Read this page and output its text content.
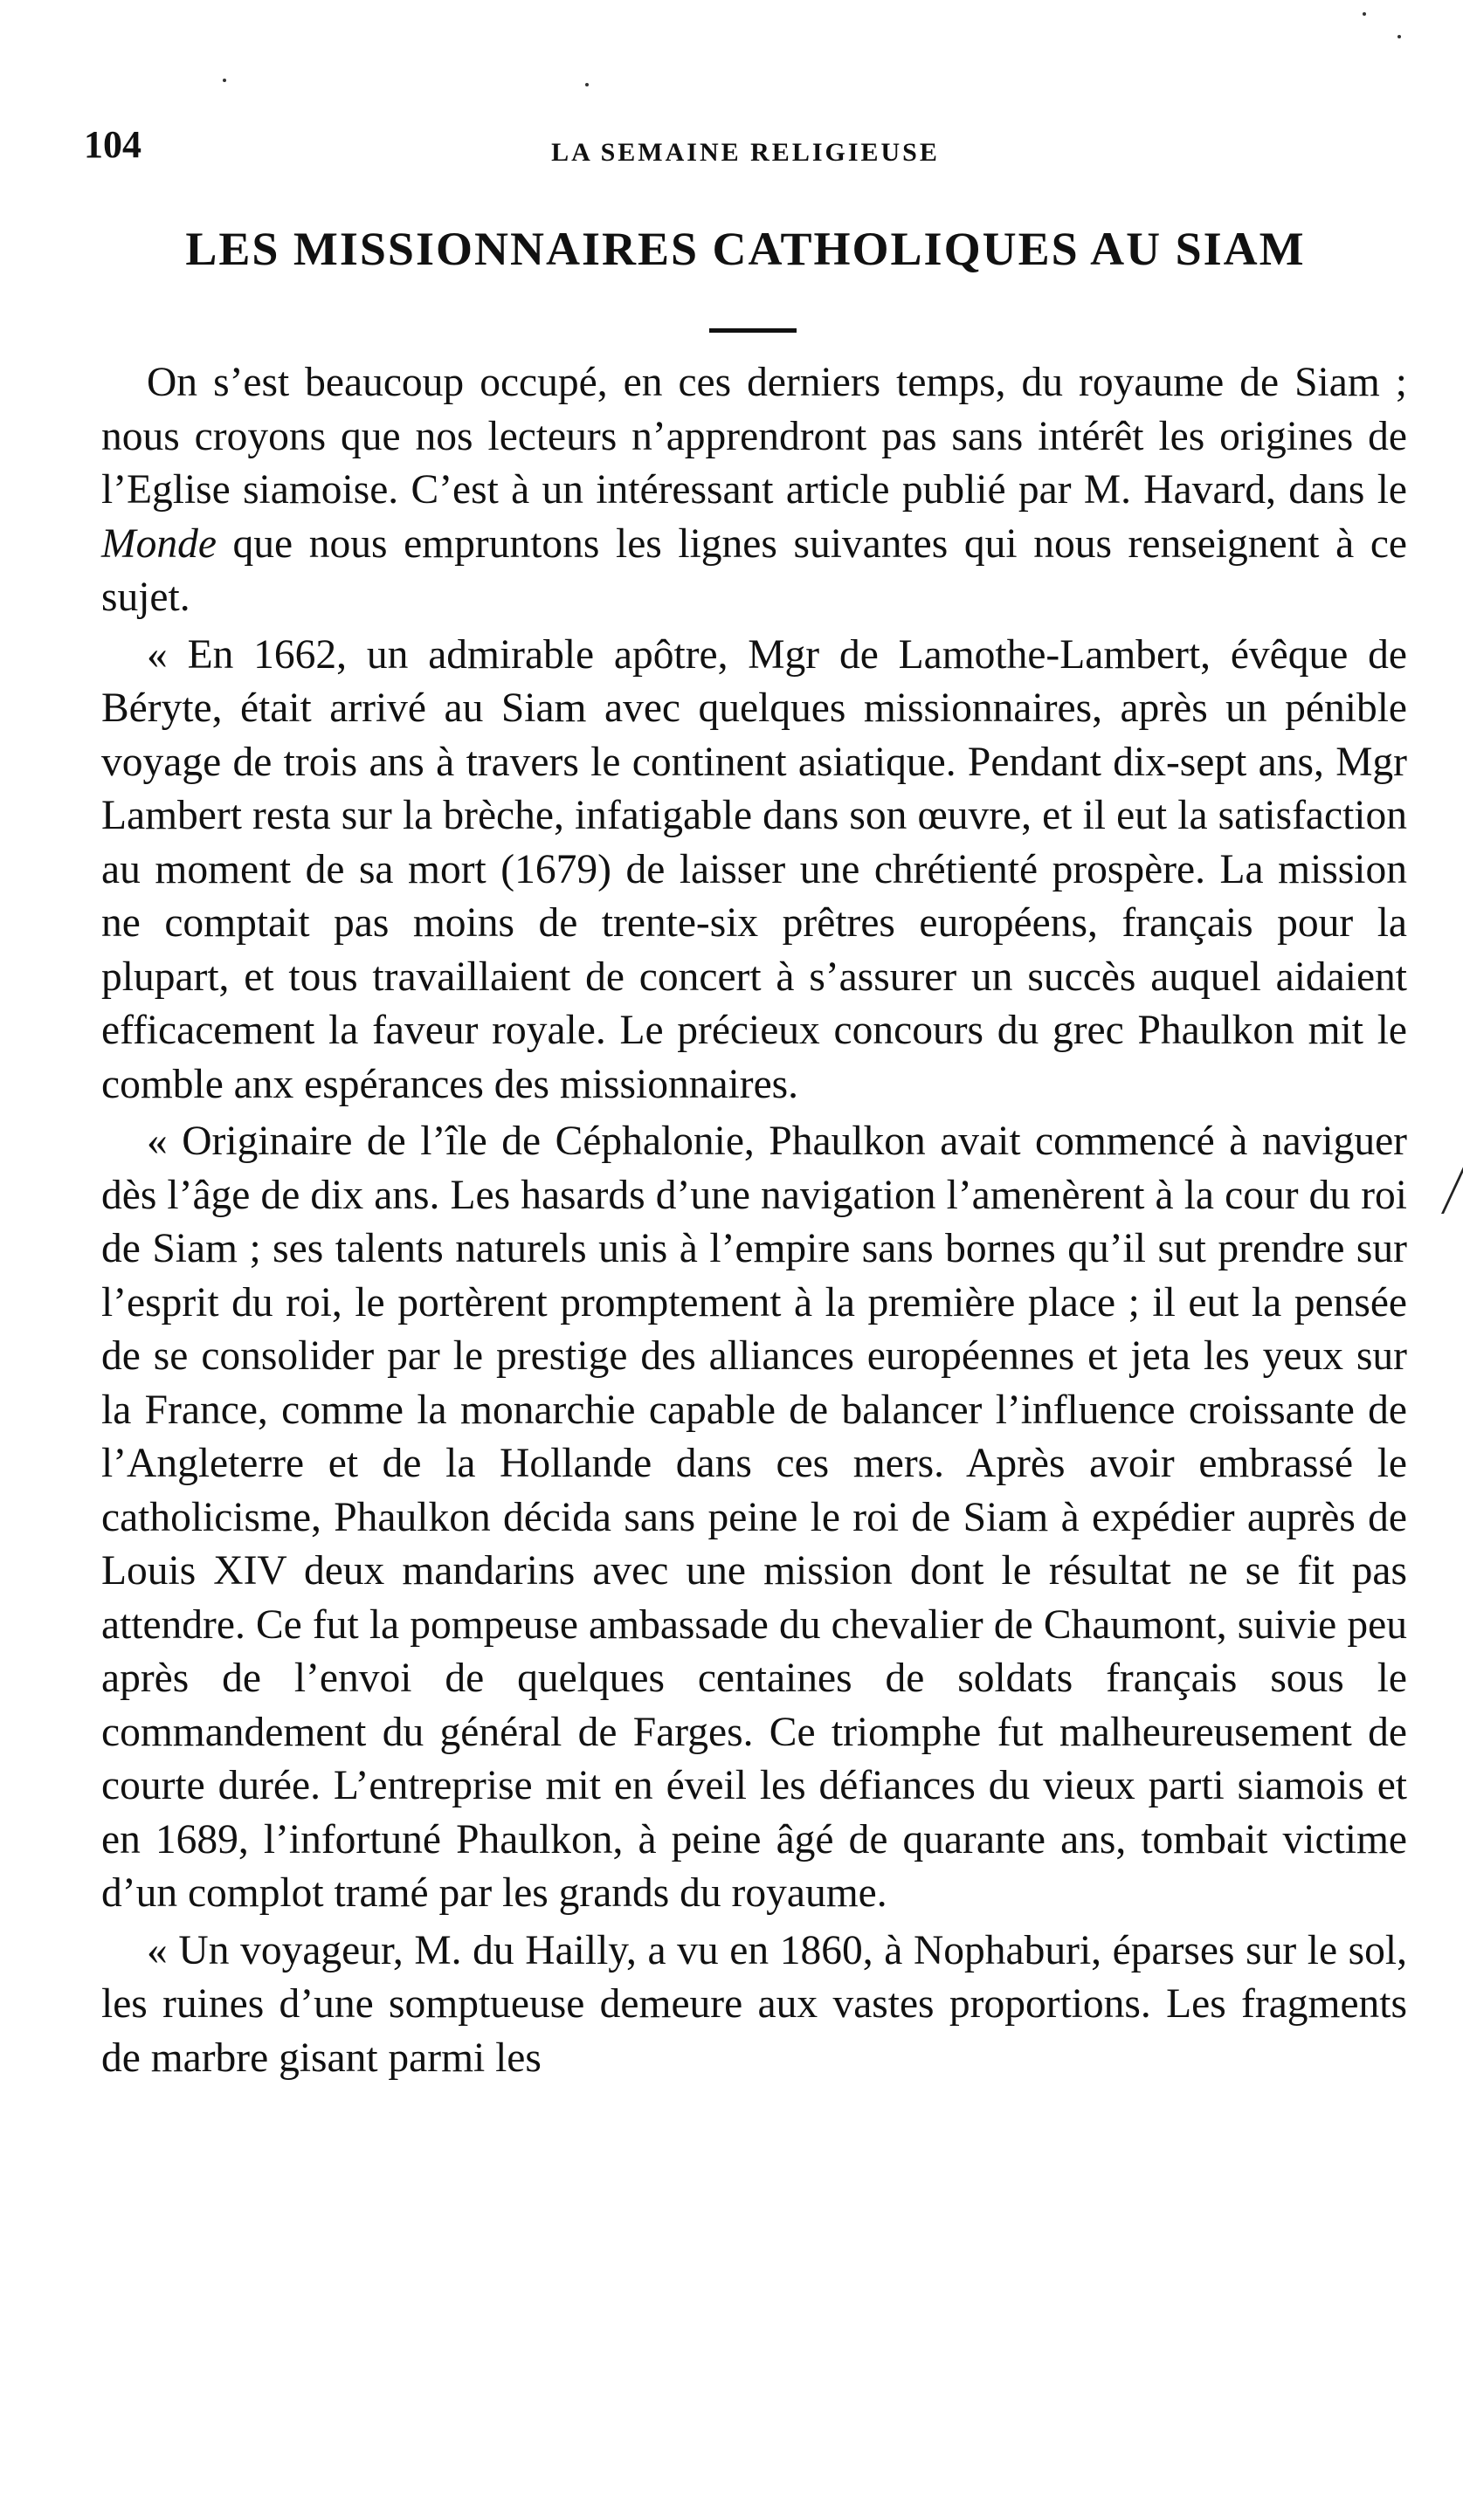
104	LA SEMAINE RELIGIEUSE
LES MISSIONNAIRES CATHOLIQUES AU SIAM

On s’est beaucoup occupé, en ces derniers temps, du royaume de Siam ; nous croyons que nos lecteurs n’apprendront pas sans intérêt les origines de l’Eglise siamoise. C’est à un intéressant article publié par M. Havard, dans le Monde que nous empruntons les lignes suivantes qui nous renseignent à ce sujet.

« En 1662, un admirable apôtre, Mgr de Lamothe-Lambert, évêque de Béryte, était arrivé au Siam avec quelques missionnaires, après un pénible voyage de trois ans à travers le continent asiatique. Pendant dix-sept ans, Mgr Lambert resta sur la brèche, infatigable dans son œuvre, et il eut la satisfaction au moment de sa mort (1679) de laisser une chrétienté prospère. La mission ne comptait pas moins de trente-six prêtres européens, français pour la plupart, et tous travaillaient de concert à s’assurer un succès auquel aidaient efficacement la faveur royale. Le précieux concours du grec Phaulkon mit le comble anx espérances des missionnaires.

« Originaire de l’île de Céphalonie, Phaulkon avait commencé à naviguer dès l’âge de dix ans. Les hasards d’une navigation l’amenèrent à la cour du roi de Siam ; ses talents naturels unis à l’empire sans bornes qu’il sut prendre sur l’esprit du roi, le portèrent promptement à la première place ; il eut la pensée de se consolider par le prestige des alliances européennes et jeta les yeux sur la France, comme la monarchie capable de balancer l’influence croissante de l’Angleterre et de la Hollande dans ces mers. Après avoir embrassé le catholicisme, Phaulkon décida sans peine le roi de Siam à expédier auprès de Louis XIV deux mandarins avec une mission dont le résultat ne se fit pas attendre. Ce fut la pompeuse ambassade du chevalier de Chaumont, suivie peu après de l’envoi de quelques centaines de soldats français sous le commandement du général de Farges. Ce triomphe fut malheureusement de courte durée. L’entreprise mit en éveil les défiances du vieux parti siamois et en 1689, l’infortuné Phaulkon, à peine âgé de quarante ans, tombait victime d’un complot tramé par les grands du royaume.

« Un voyageur, M. du Hailly, a vu en 1860, à Nophaburi, éparses sur le sol, les ruines d’une somptueuse demeure aux vastes proportions. Les fragments de marbre gisant parmi les
